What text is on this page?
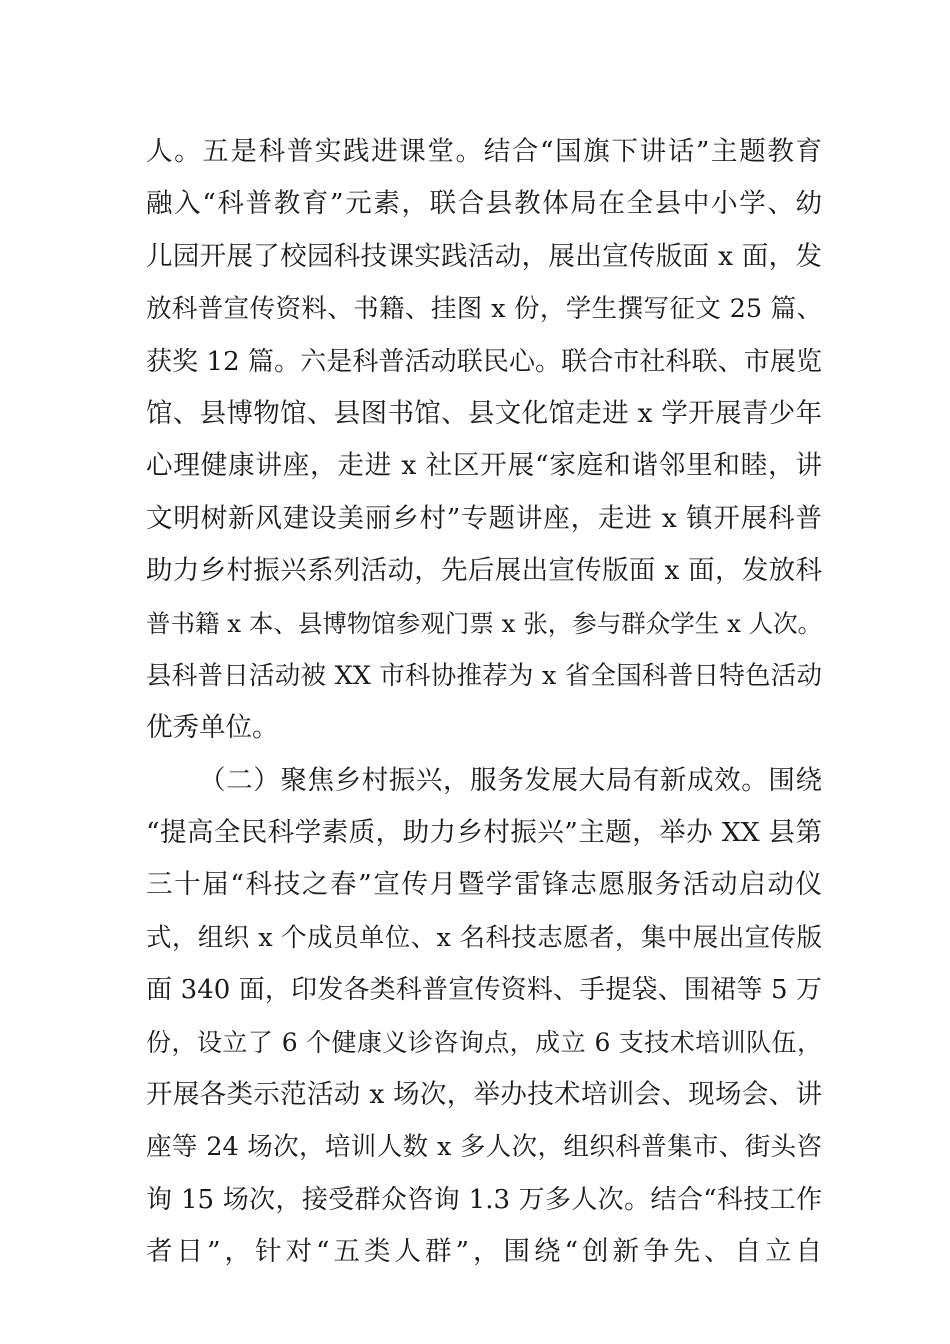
人。五是科普实践进课堂。结合“国旗下讲话”主题教育
融入“科普教育”元素，联合县教体局在全县中小学、幼
儿园开展了校园科技课实践活动，展出宣传版面 x 面，发
放科普宣传资料、书籍、挂图 x 份，学生撰写征文 25 篇、
获奖 12 篇。六是科普活动联民心。联合市社科联、市展览
馆、县博物馆、县图书馆、县文化馆走进 x 学开展青少年
心理健康讲座，走进 x 社区开展“家庭和谐邻里和睦，讲
文明树新风建设美丽乡村”专题讲座，走进 x 镇开展科普
助力乡村振兴系列活动，先后展出宣传版面 x 面，发放科
普书籍 x 本、县博物馆参观门票 x 张，参与群众学生 x 人次。
县科普日活动被 XX 市科协推荐为 x 省全国科普日特色活动
优秀单位。
（二）聚焦乡村振兴，服务发展大局有新成效。围绕
“提高全民科学素质，助力乡村振兴”主题，举办 XX 县第
三十届“科技之春”宣传月暨学雷锋志愿服务活动启动仪
式，组织 x 个成员单位、x 名科技志愿者，集中展出宣传版
面 340 面，印发各类科普宣传资料、手提袋、围裙等 5 万
份，设立了 6 个健康义诊咨询点，成立 6 支技术培训队伍，
开展各类示范活动 x 场次，举办技术培训会、现场会、讲
座等 24 场次，培训人数 x 多人次，组织科普集市、街头咨
询 15 场次，接受群众咨询 1.3 万多人次。结合“科技工作
者日”，针对“五类人群”，围绕“创新争先、自立自
